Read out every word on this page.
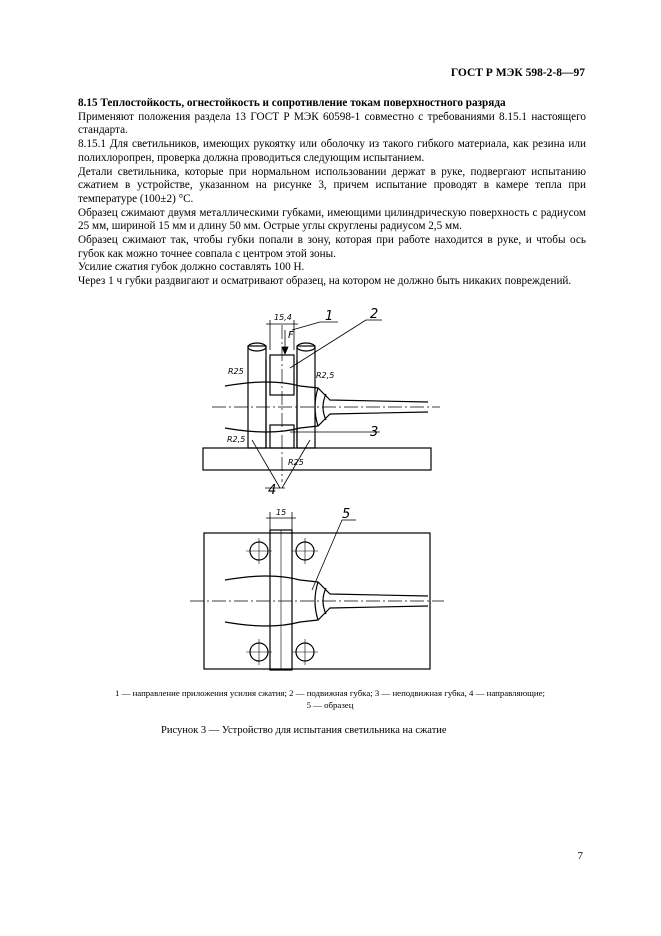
ГОСТ Р МЭК 598-2-8—97

8.15 Теплостойкость, огнестойкость и сопротивление токам поверхностного разряда

Применяют положения раздела 13 ГОСТ Р МЭК 60598-1 совместно с требованиями 8.15.1 настоящего стандарта.

8.15.1 Для светильников, имеющих рукоятку или оболочку из такого гибкого материала, как резина или полихлоропрен, проверка должна проводиться следующим испытанием.

Детали светильника, которые при нормальном использовании держат в руке, подвергают испытанию сжатием в устройстве, указанном на рисунке 3, причем испытание проводят в камере тепла при температуре (100±2) °С.

Образец сжимают двумя металлическими губками, имеющими цилиндрическую поверхность с радиусом 25 мм, шириной 15 мм и длину 50 мм. Острые углы скруглены радиусом 2,5 мм.

Образец сжимают так, чтобы губки попали в зону, которая при работе находится в руке, и чтобы ось губок как можно точнее совпала с центром этой зоны.

Усилие сжатия губок должно составлять 100 Н.

Через 1 ч губки раздвигают и осматривают образец, на котором не должно быть никаких повреждений.

15,4
F
R25	R2,5
R2,5
R25
1	2
3
4
15	5
1 — направление приложения усилия сжатия; 2 — подвижная губка; 3 — неподвижная губка, 4 — направляющие;
5 — образец
Рисунок 3 — Устройство для испытания светильника на сжатие
7
